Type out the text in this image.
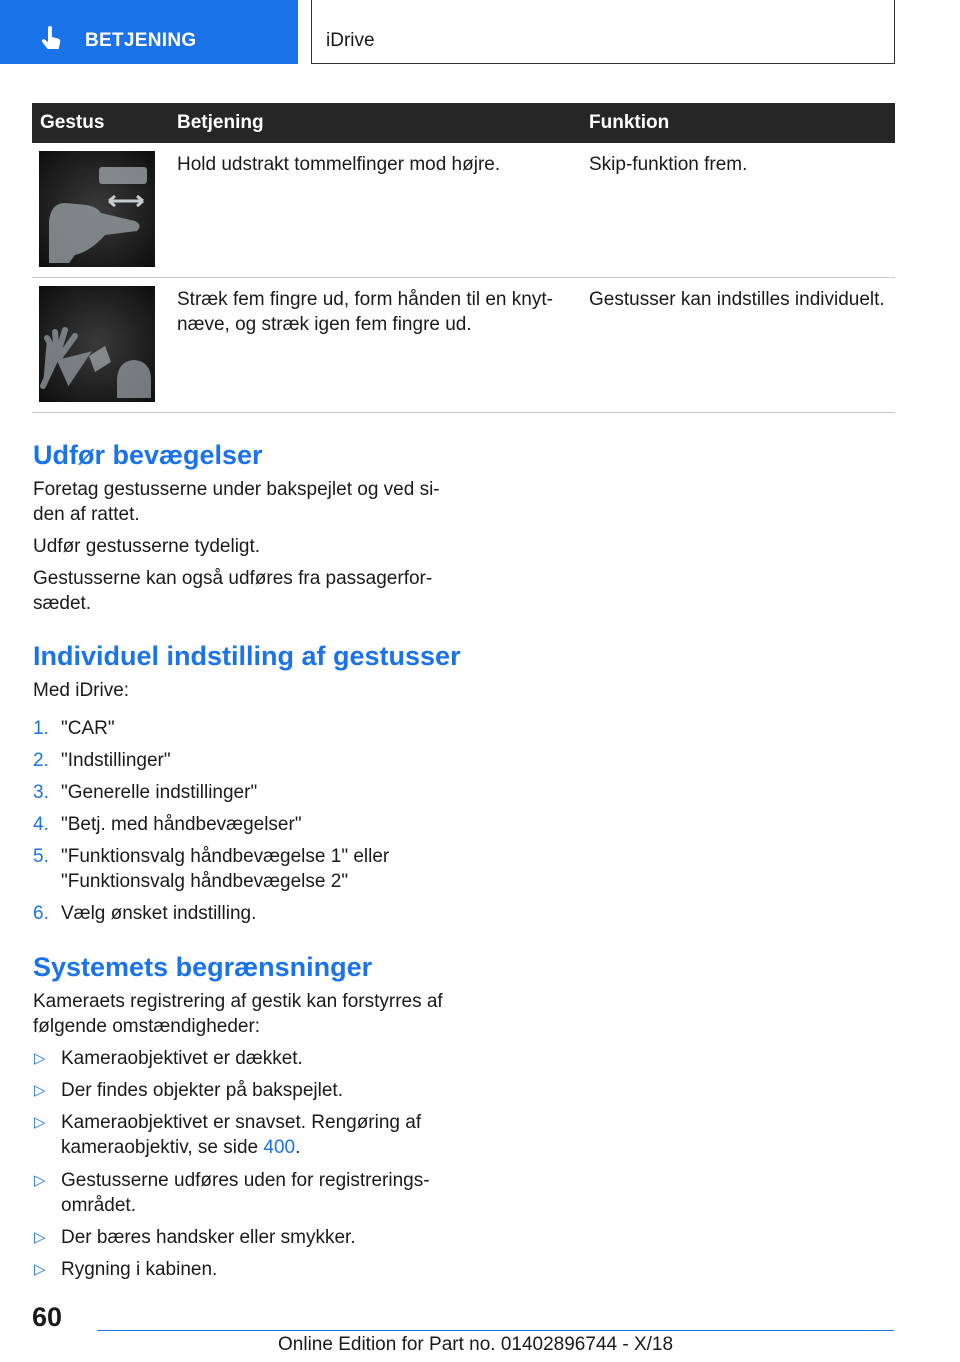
BETJENING	iDrive
Gestus	Betjening	Funktion

	Hold udstrakt tommelfinger mod højre.	Skip-funktion frem.

	Stræk fem fingre ud, form hånden til en knyt-
næve, og stræk igen fem fingre ud.	Gestusser kan indstilles individuelt.
Udfør bevægelser

Foretag gestusserne under bakspejlet og ved si-
den af rattet.

Udfør gestusserne tydeligt.

Gestusserne kan også udføres fra passagerfor-
sædet.

Individuel indstilling af gestusser

Med iDrive:

1. "CAR"
2. "Indstillinger"
3. "Generelle indstillinger"
4. "Betj. med håndbevægelser"
5. "Funktionsvalg håndbevægelse 1" eller
"Funktionsvalg håndbevægelse 2"
6. Vælg ønsket indstilling.
Systemets begrænsninger

Kameraets registrering af gestik kan forstyrres af
følgende omstændigheder:

▷ Kameraobjektivet er dækket.
▷ Der findes objekter på bakspejlet.
▷ Kameraobjektivet er snavset. Rengøring af
kameraobjektiv, se side 400.
▷ Gestusserne udføres uden for registrerings-
området.
▷ Der bæres handsker eller smykker.
▷ Rygning i kabinen.
60
Online Edition for Part no. 01402896744 - X/18
